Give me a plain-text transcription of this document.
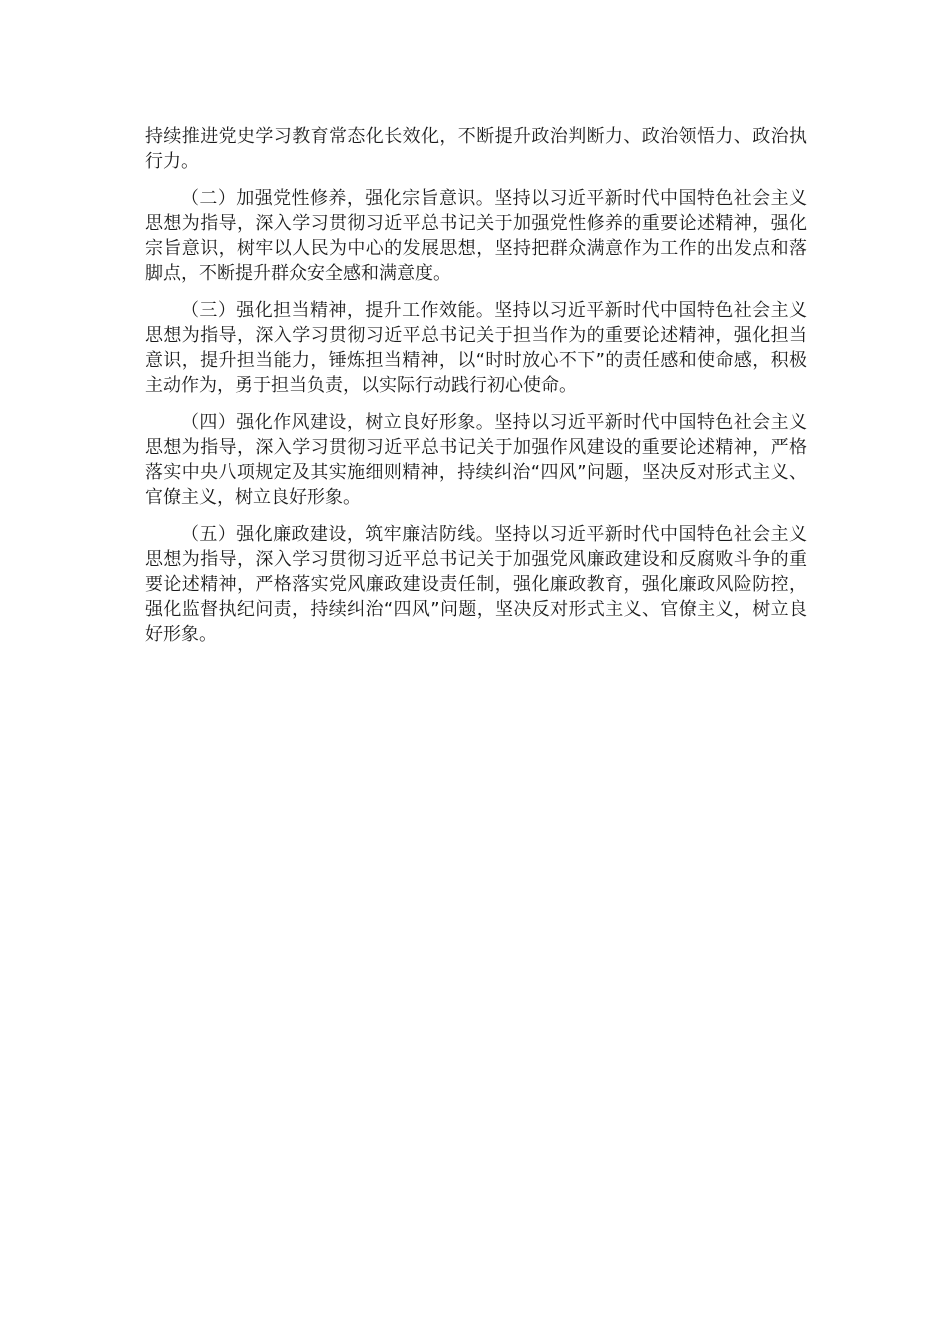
持续推进党史学习教育常态化长效化，不断提升政治判断力、政治领悟力、政治执行力。

（二）加强党性修养，强化宗旨意识。坚持以习近平新时代中国特色社会主义思想为指导，深入学习贯彻习近平总书记关于加强党性修养的重要论述精神，强化宗旨意识，树牢以人民为中心的发展思想，坚持把群众满意作为工作的出发点和落脚点，不断提升群众安全感和满意度。

（三）强化担当精神，提升工作效能。坚持以习近平新时代中国特色社会主义思想为指导，深入学习贯彻习近平总书记关于担当作为的重要论述精神，强化担当意识，提升担当能力，锤炼担当精神，以“时时放心不下”的责任感和使命感，积极主动作为，勇于担当负责，以实际行动践行初心使命。

（四）强化作风建设，树立良好形象。坚持以习近平新时代中国特色社会主义思想为指导，深入学习贯彻习近平总书记关于加强作风建设的重要论述精神，严格落实中央八项规定及其实施细则精神，持续纠治“四风”问题，坚决反对形式主义、官僚主义，树立良好形象。

（五）强化廉政建设，筑牢廉洁防线。坚持以习近平新时代中国特色社会主义思想为指导，深入学习贯彻习近平总书记关于加强党风廉政建设和反腐败斗争的重要论述精神，严格落实党风廉政建设责任制，强化廉政教育，强化廉政风险防控，强化监督执纪问责，持续纠治“四风”问题，坚决反对形式主义、官僚主义，树立良好形象。
